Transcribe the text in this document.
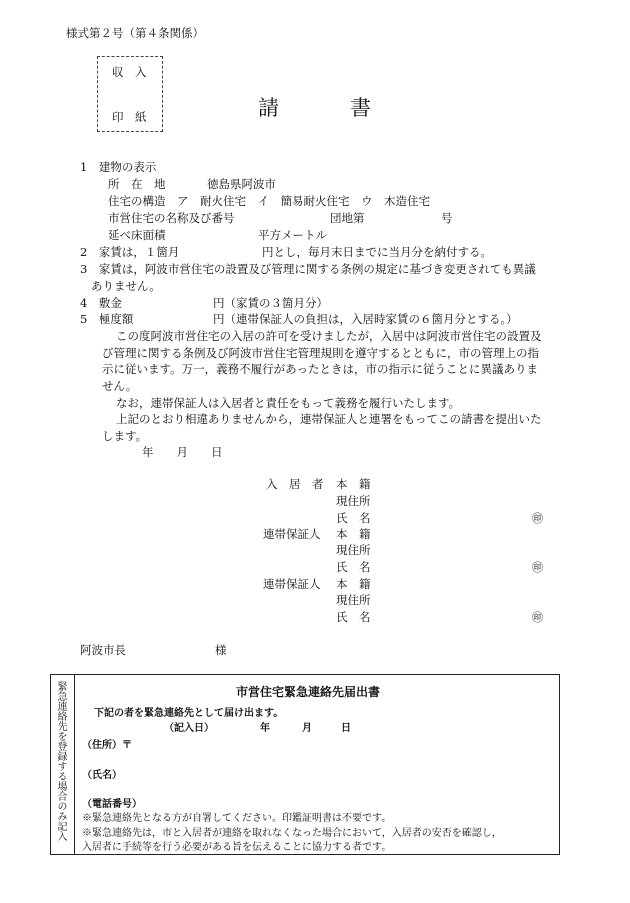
様式第２号（第４条関係）
収　入
印　紙	請　　　書
1　建物の表示
所　在　地	徳島県阿波市
住宅の構造　ア　耐火住宅　イ　簡易耐火住宅　ウ　木造住宅
市営住宅の名称及び番号	団地第	号
延べ床面積	平方メートル
2　家賃は，１箇月	円とし，毎月末日までに当月分を納付する。
3　家賃は，阿波市営住宅の設置及び管理に関する条例の規定に基づき変更されても異議
ありません。
4　敷金	円（家賃の３箇月分）
5　極度額	円（連帯保証人の負担は，入居時家賃の６箇月分とする。）
この度阿波市営住宅の入居の許可を受けましたが，入居中は阿波市営住宅の設置及
び管理に関する条例及び阿波市営住宅管理規則を遵守するとともに，市の管理上の指
示に従います。万一，義務不履行があったときは，市の指示に従うことに異議ありま
せん。
なお，連帯保証人は入居者と責任をもって義務を履行いたします。
上記のとおり相違ありませんから，連帯保証人と連署をもってこの請書を提出いた
します。
年　　月　　日
入　居　者 本　籍
現住所
氏　名	㊞
連帯保証人 本　籍
現住所
氏　名	㊞
連帯保証人 本　籍
現住所
氏　名	㊞
阿波市長	様
緊急連絡先を登録する場合のみ記入	市営住宅緊急連絡先届出書
下記の者を緊急連絡先として届け出ます。
（記入日）	年	月	日
（住所）〒
（氏名）
（電話番号）
※緊急連絡先となる方が自署してください。印鑑証明書は不要です。
※緊急連絡先は，市と入居者が連絡を取れなくなった場合において，入居者の安否を確認し，
入居者に手続等を行う必要がある旨を伝えることに協力する者です。
